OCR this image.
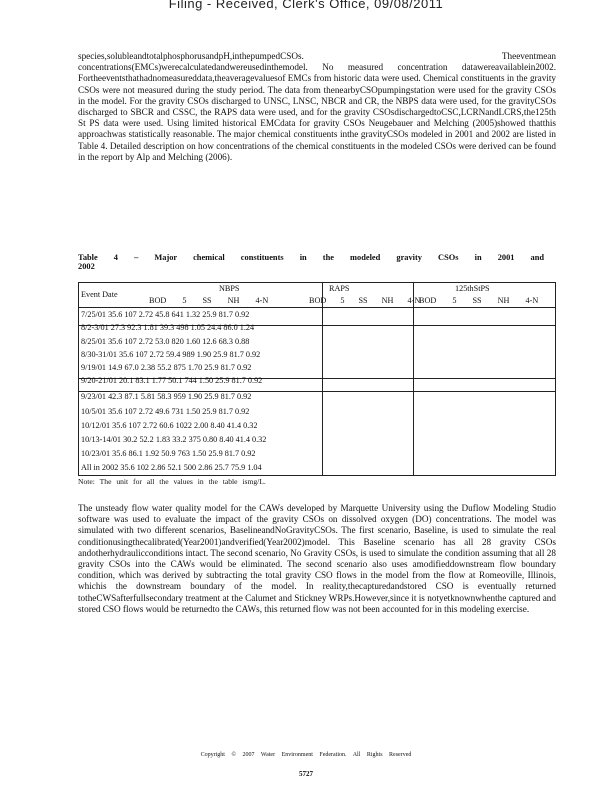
Filing - Received, Clerk's Office, 09/08/2011

species,solubleandtotalphosphorusandpH,inthepumpedCSOs. Theeventmean concentrations(EMCs)werecalculatedandwereusedinthemodel. No measured concentration datawereavailablein2002. Fortheeventsthathadnomeasureddata,theaveragevaluesof EMCs from historic data were used. Chemical constituents in the gravity CSOs were not measured during the study period. The data from thenearbyCSOpumpingstation were used for the gravity CSOs in the model. For the gravity CSOs discharged to UNSC, LNSC, NBCR and CR, the NBPS data were used, for the gravityCSOs discharged to SBCR and CSSC, the RAPS data were used, and for the gravity CSOsdischargedtoCSC,LCRNandLCRS,the125th St PS data were used. Using limited historical EMCdata for gravity CSOs Neugebauer and Melching (2005)showed thatthis approachwas statistically reasonable. The major chemical constituents inthe gravityCSOs modeled in 2001 and 2002 are listed in Table 4. Detailed description on how concentrations of the chemical constituents in the modeled CSOs were derived can be found in the report by Alp and Melching (2006).

Table 4 – Major chemical constituents in the modeled gravity CSOs in 2001 and 2002
Event Date
NBPS	RAPS	125thStPS
BOD 5 SS NH 4-N	BOD 5 SS NH 4-N
BOD 5 SS NH 4-N
7/25/01 35.6 107 2.72 45.8 641 1.32 25.9 81.7 0.92
8/2-3/01 27.3 92.3 1.81 39.3 498 1.05 24.4 86.0 1.24
8/25/01 35.6 107 2.72 53.0 820 1.60 12.6 68.3 0.88
8/30-31/01 35.6 107 2.72 59.4 989 1.90 25.9 81.7 0.92
9/19/01 14.9 67.0 2.38 55.2 875 1.70 25.9 81.7 0.92
9/20-21/01 20.1 83.1 1.77 50.1 744 1.50 25.9 81.7 0.92
9/23/01 42.3 87.1 5.81 58.3 959 1.90 25.9 81.7 0.92
10/5/01 35.6 107 2.72 49.6 731 1.50 25.9 81.7 0.92
10/12/01 35.6 107 2.72 60.6 1022 2.00 8.40 41.4 0.32
10/13-14/01 30.2 52.2 1.83 33.2 375 0.80 8.40 41.4 0.32
10/23/01 35.6 86.1 1.92 50.9 763 1.50 25.9 81.7 0.92
All in 2002 35.6 102 2.86 52.1 500 2.86 25.7 75.9 1.04
Note: The unit for all the values in the table ismg/L.

The unsteady flow water quality model for the CAWs developed by Marquette University using the Duflow Modeling Studio software was used to evaluate the impact of the gravity CSOs on dissolved oxygen (DO) concentrations. The model was simulated with two different scenarios, BaselineandNoGravityCSOs. The first scenario, Baseline, is used to simulate the real conditionusingthecalibrated(Year2001)andverified(Year2002)model. This Baseline scenario has all 28 gravity CSOs andotherhydraulicconditions intact. The second scenario, No Gravity CSOs, is used to simulate the condition assuming that all 28 gravity CSOs into the CAWs would be eliminated. The second scenario also uses amodifieddownstream flow boundary condition, which was derived by subtracting the total gravity CSO flows in the model from the flow at Romeoville, Illinois, whichis the downstream boundary of the model. In reality,thecapturedandstored CSO is eventually returned totheCWSafterfullsecondary treatment at the Calumet and Stickney WRPs.However,since it is notyetknownwhenthe captured and stored CSO flows would be returnedto the CAWs, this returned flow was not been accounted for in this modeling exercise.

Copyright © 2007 Water Environment Federation. All Rights Reserved
5727
